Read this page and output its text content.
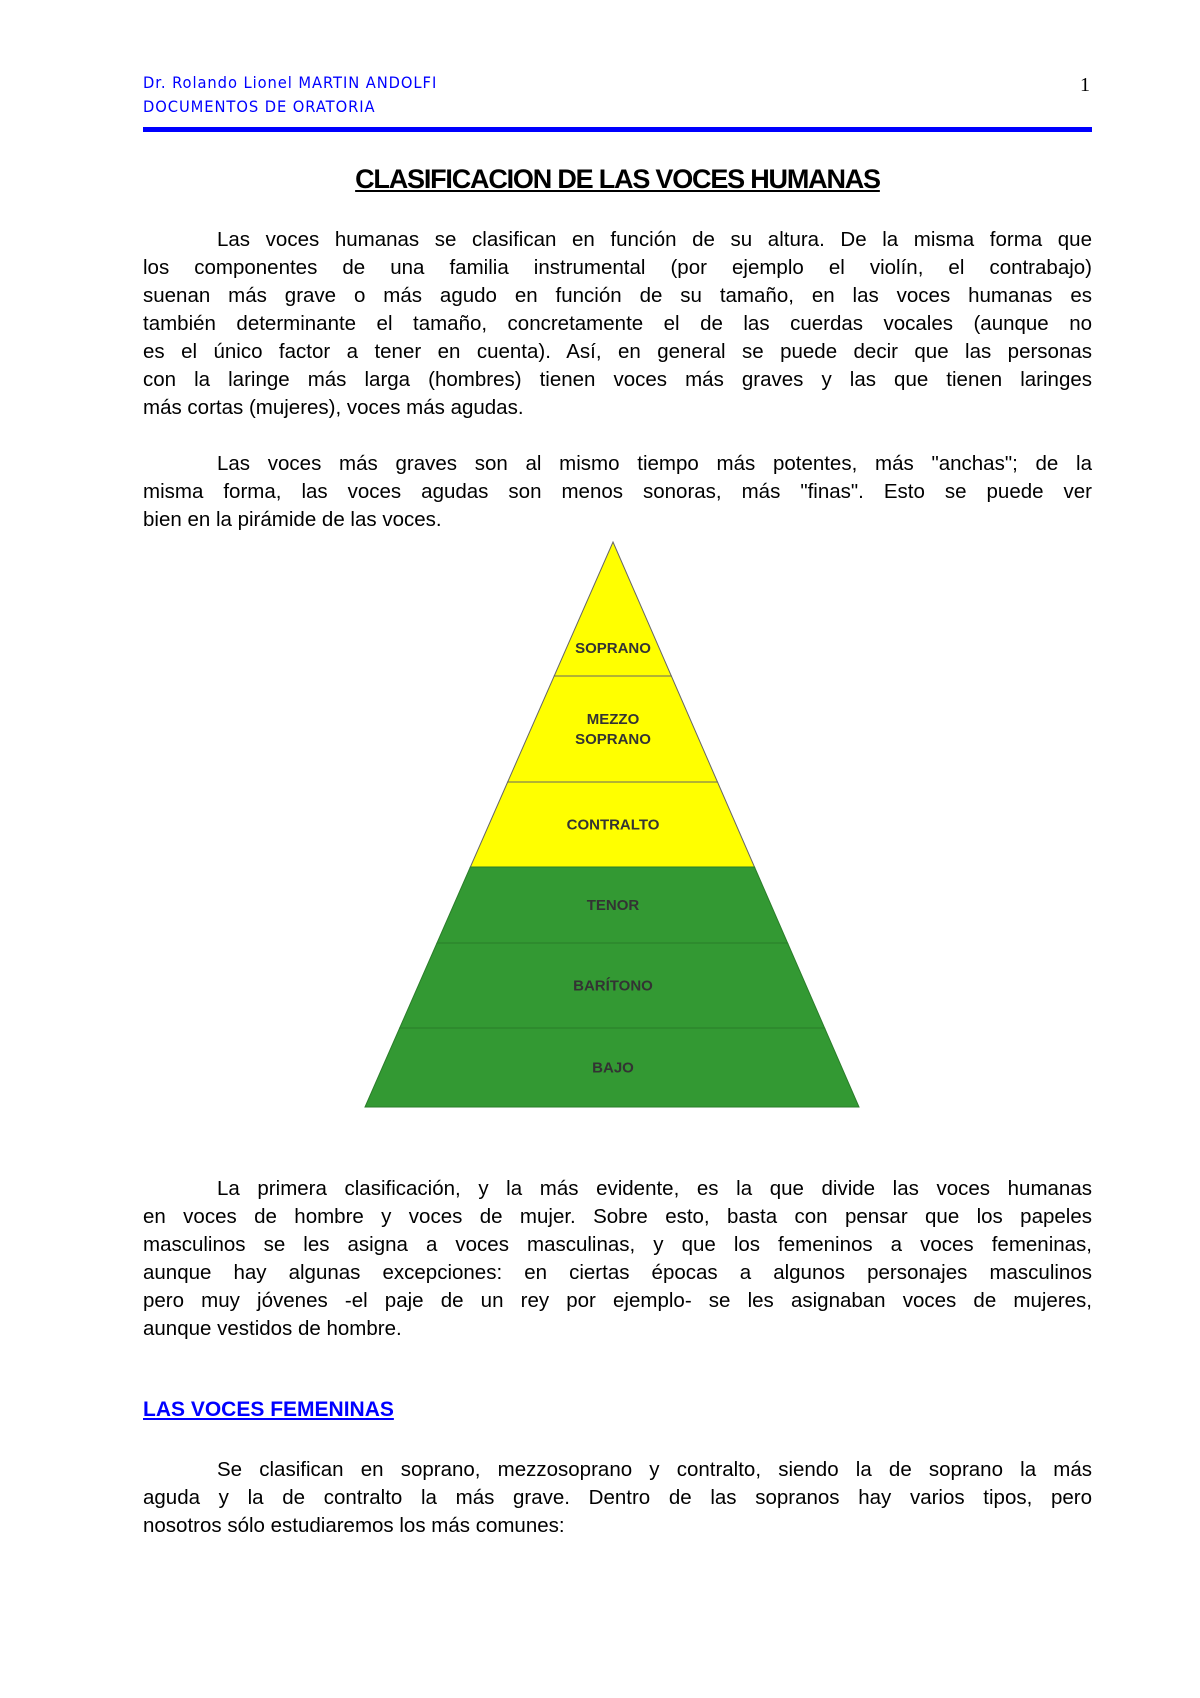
Dr. Rolando Lionel MARTIN ANDOLFI
DOCUMENTOS DE ORATORIA
1
CLASIFICACION DE LAS VOCES HUMANAS
Las voces humanas se clasifican en función de su altura. De la misma forma que
los componentes de una familia instrumental (por ejemplo el violín, el contrabajo)
suenan más grave o más agudo en función de su tamaño, en las voces humanas es
también determinante el tamaño, concretamente el de las cuerdas vocales (aunque no
es el único factor a tener en cuenta). Así, en general se puede decir que las personas
con la laringe más larga (hombres) tienen voces más graves y las que tienen laringes
más cortas (mujeres), voces más agudas.
Las voces más graves son al mismo tiempo más potentes, más "anchas"; de la
misma forma, las voces agudas son menos sonoras, más "finas". Esto se puede ver
bien en la pirámide de las voces.
SOPRANO
MEZZO
SOPRANO
CONTRALTO
TENOR
BARÍTONO
BAJO
La primera clasificación, y la más evidente, es la que divide las voces humanas
en voces de hombre y voces de mujer. Sobre esto, basta con pensar que los papeles
masculinos se les asigna a voces masculinas, y que los femeninos a voces femeninas,
aunque hay algunas excepciones: en ciertas épocas a algunos personajes masculinos
pero muy jóvenes -el paje de un rey por ejemplo- se les asignaban voces de mujeres,
aunque vestidos de hombre.
LAS VOCES FEMENINAS
Se clasifican en soprano, mezzosoprano y contralto, siendo la de soprano la más
aguda y la de contralto la más grave. Dentro de las sopranos hay varios tipos, pero
nosotros sólo estudiaremos los más comunes:
